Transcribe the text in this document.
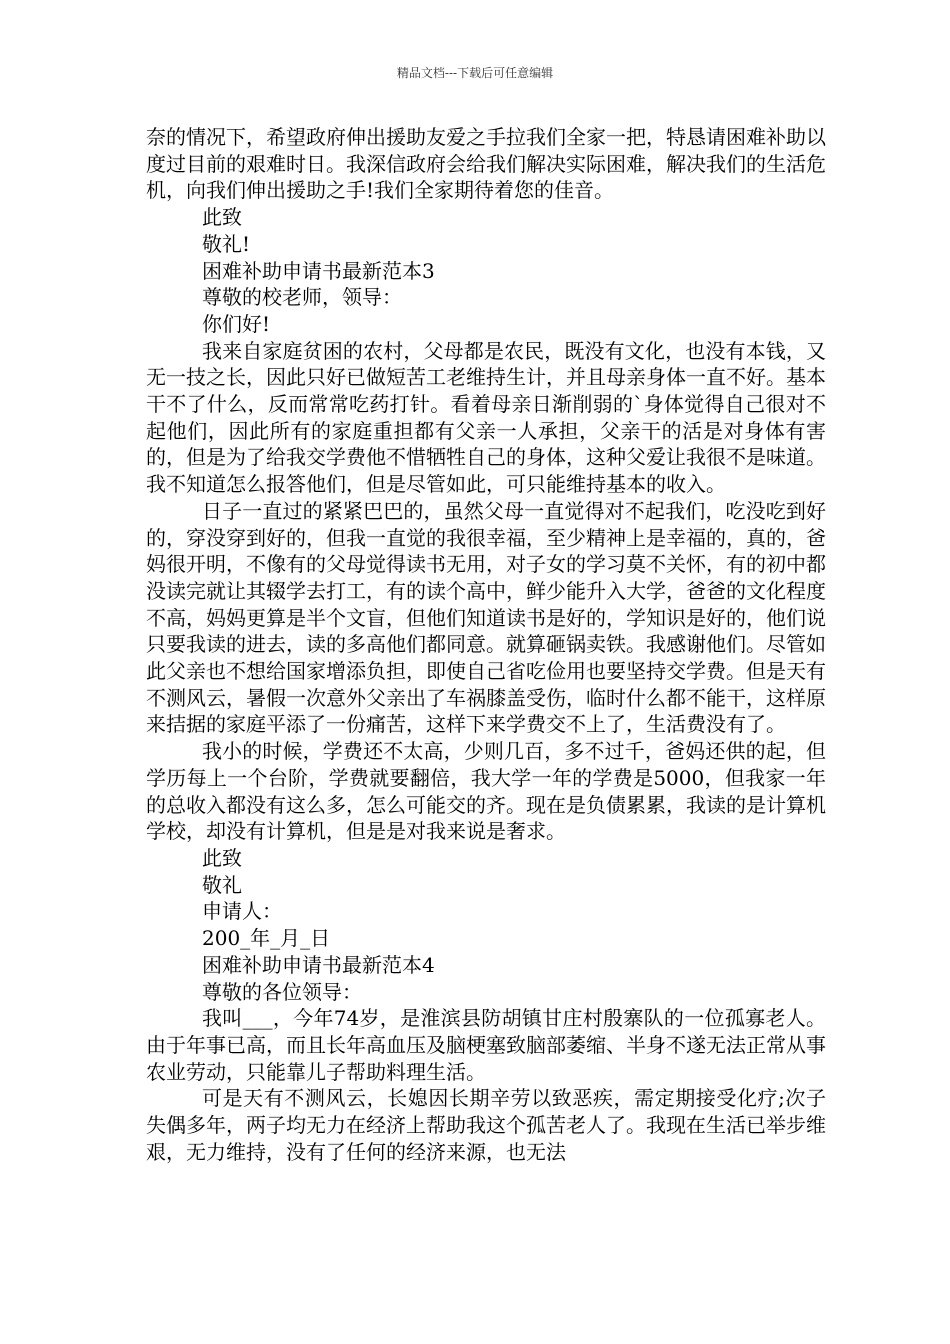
精品文档---下载后可任意编辑

奈的情况下，希望政府伸出援助友爱之手拉我们全家一把，特恳请困难补助以度过目前的艰难时日。我深信政府会给我们解决实际困难，解决我们的生活危机，向我们伸出援助之手!我们全家期待着您的佳音。

此致

敬礼!

困难补助申请书最新范本3

尊敬的校老师，领导：

你们好!

我来自家庭贫困的农村，父母都是农民，既没有文化，也没有本钱，又无一技之长，因此只好已做短苦工老维持生计，并且母亲身体一直不好。基本干不了什么，反而常常吃药打针。看着母亲日渐削弱的`身体觉得自己很对不起他们，因此所有的家庭重担都有父亲一人承担，父亲干的活是对身体有害的，但是为了给我交学费他不惜牺牲自己的身体，这种父爱让我很不是味道。我不知道怎么报答他们，但是尽管如此，可只能维持基本的收入。

日子一直过的紧紧巴巴的，虽然父母一直觉得对不起我们，吃没吃到好的，穿没穿到好的，但我一直觉的我很幸福，至少精神上是幸福的，真的，爸妈很开明，不像有的父母觉得读书无用，对子女的学习莫不关怀，有的初中都没读完就让其辍学去打工，有的读个高中，鲜少能升入大学，爸爸的文化程度不高，妈妈更算是半个文盲，但他们知道读书是好的，学知识是好的，他们说只要我读的进去，读的多高他们都同意。就算砸锅卖铁。我感谢他们。尽管如此父亲也不想给国家增添负担，即使自己省吃俭用也要坚持交学费。但是天有不测风云，暑假一次意外父亲出了车祸膝盖受伤，临时什么都不能干，这样原来拮据的家庭平添了一份痛苦，这样下来学费交不上了，生活费没有了。

我小的时候，学费还不太高，少则几百，多不过千，爸妈还供的起，但学历每上一个台阶，学费就要翻倍，我大学一年的学费是5000，但我家一年的总收入都没有这么多，怎么可能交的齐。现在是负债累累，我读的是计算机学校，却没有计算机，但是是对我来说是奢求。

此致

敬礼

申请人：

200_年_月_日

困难补助申请书最新范本4

尊敬的各位领导：

我叫___，今年74岁，是淮滨县防胡镇甘庄村殷寨队的一位孤寡老人。由于年事已高，而且长年高血压及脑梗塞致脑部萎缩、半身不遂无法正常从事农业劳动，只能靠儿子帮助料理生活。

可是天有不测风云，长媳因长期辛劳以致恶疾，需定期接受化疗;次子失偶多年，两子均无力在经济上帮助我这个孤苦老人了。我现在生活已举步维艰，无力维持，没有了任何的经济来源，也无法
